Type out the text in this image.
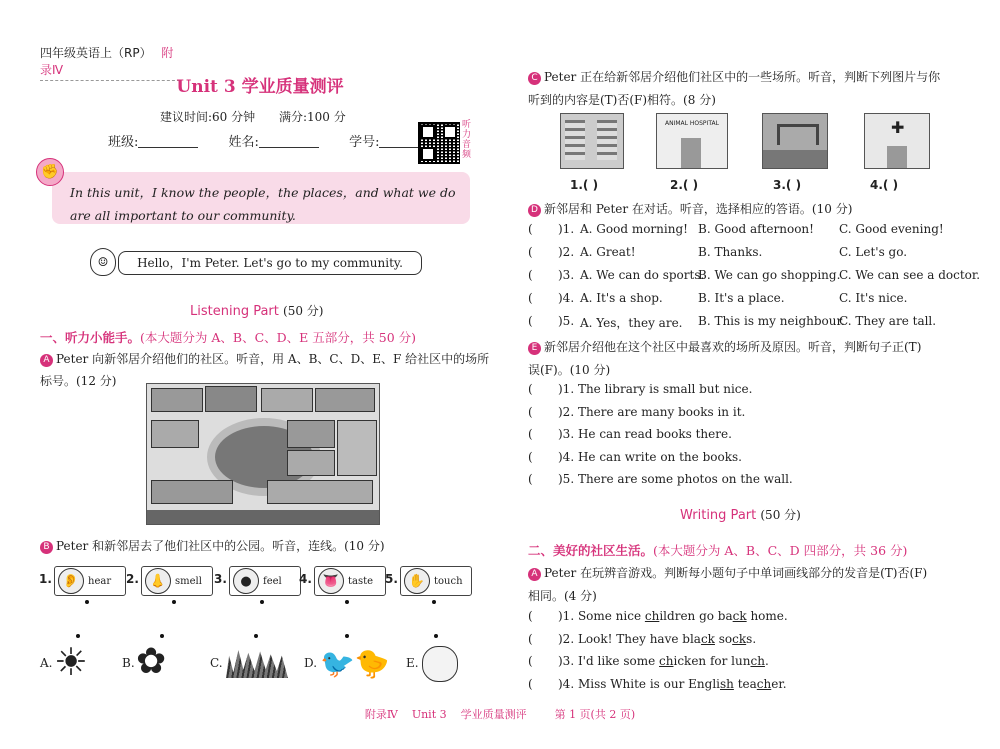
四年级英语上（RP） 附录Ⅳ
Unit 3 学业质量测评
建议时间:60 分钟 满分:100 分
班级:	姓名:	学号:
听力音频
In this unit，I know the people，the places，and what we do are all important to our community.
✊
☺	Hello，I'm Peter. Let's go to my community.
Listening Part (50 分)
一、听力小能手。(本大题分为 A、B、C、D、E 五部分，共 50 分)
A Peter 向新邻居介绍他们的社区。听音，用 A、B、C、D、E、F 给社区中的场所
标号。(12 分)
B Peter 和新邻居去了他们社区中的公园。听音，连线。(10 分)
1. 👂 hear 2. 👃 smell 3.	●	feel 4. 👅 taste 5. ✋ touch
A. ☀	B. ✿	C.	D. 🐦🐤 E.
C Peter 正在给新邻居介绍他们社区中的一些场所。听音，判断下列图片与你
听到的内容是(T)否(F)相符。(8 分)
ANIMAL HOSPITAL	✚
1.( )	2.( )	3.( )	4.( )
D 新邻居和 Peter 在对话。听音，选择相应的答语。(10 分)
( )1. A. Good morning! B. Good afternoon! C. Good evening!
( )2. A. Great!	B. Thanks.	C. Let's go.
( )3. A. We can do sports.
B. We can go shopping.
C. We can see a doctor.
( )4. A. It's a shop.	B. It's a place.	C. It's nice.
( )5. A. Yes，they are. B. This is my neighbour.
C. They are tall.
E 新邻居介绍他在这个社区中最喜欢的场所及原因。听音，判断句子正(T)
误(F)。(10 分)
( )1. The library is small but nice.
( )2. There are many books in it.
( )3. He can read books there.
( )4. He can write on the books.
( )5. There are some photos on the wall.
Writing Part (50 分)
二、美好的社区生活。(本大题分为 A、B、C、D 四部分，共 36 分)
A Peter 在玩辨音游戏。判断每小题句子中单词画线部分的发音是(T)否(F)
相同。(4 分)
( )1. Some nice children go back home.
( )2. Look! They have black socks.
( )3. I'd like some chicken for lunch.
( )4. Miss White is our English teacher.
附录Ⅳ    Unit 3    学业质量测评        第 1 页(共 2 页)
